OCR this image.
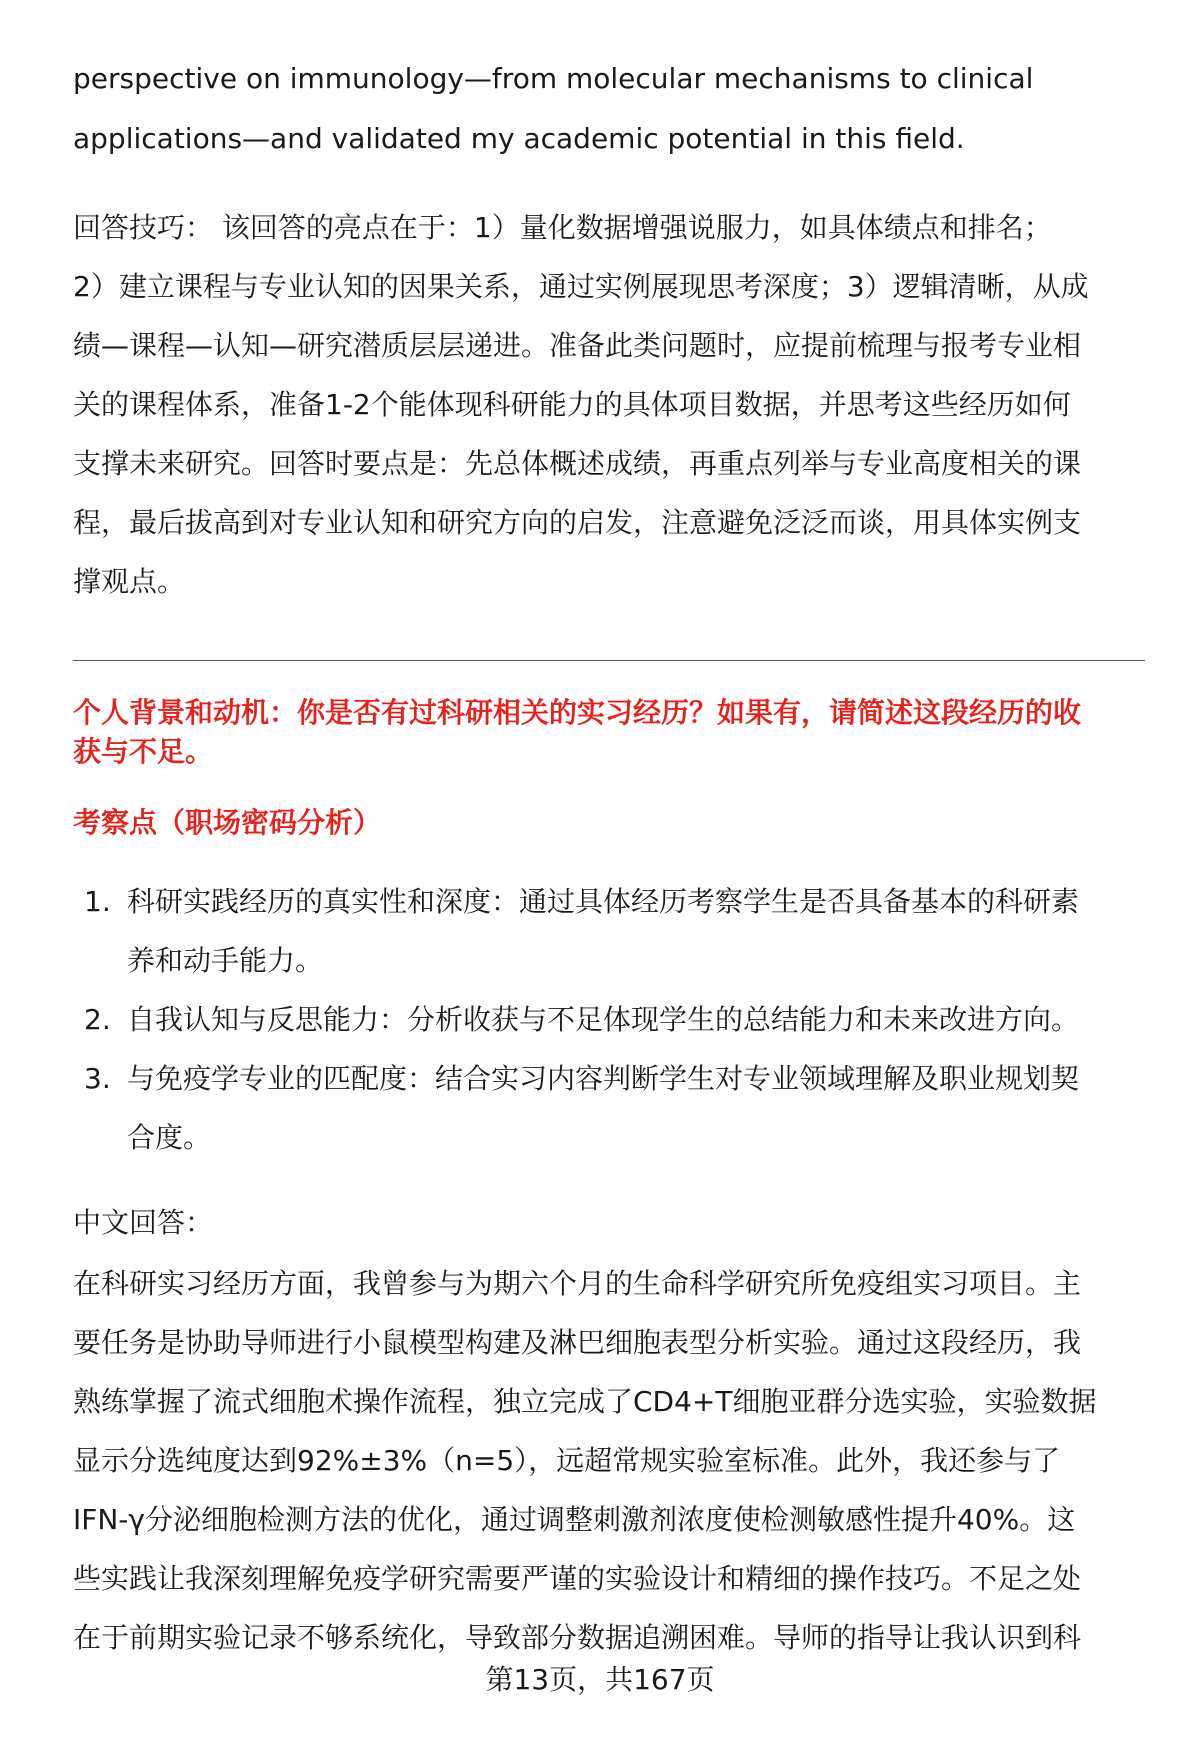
perspective on immunology—from molecular mechanisms to clinical
applications—and validated my academic potential in this field.
回答技巧： 该回答的亮点在于：1）量化数据增强说服力，如具体绩点和排名；
2）建立课程与专业认知的因果关系，通过实例展现思考深度；3）逻辑清晰，从成
绩—课程—认知—研究潜质层层递进。准备此类问题时，应提前梳理与报考专业相
关的课程体系，准备1-2个能体现科研能力的具体项目数据，并思考这些经历如何
支撑未来研究。回答时要点是：先总体概述成绩，再重点列举与专业高度相关的课
程，最后拔高到对专业认知和研究方向的启发，注意避免泛泛而谈，用具体实例支
撑观点。
个人背景和动机：你是否有过科研相关的实习经历？如果有，请简述这段经历的收
获与不足。
考察点（职场密码分析）
1. 科研实践经历的真实性和深度：通过具体经历考察学生是否具备基本的科研素
养和动手能力。
2. 自我认知与反思能力：分析收获与不足体现学生的总结能力和未来改进方向。
3. 与免疫学专业的匹配度：结合实习内容判断学生对专业领域理解及职业规划契
合度。
中文回答：
在科研实习经历方面，我曾参与为期六个月的生命科学研究所免疫组实习项目。主
要任务是协助导师进行小鼠模型构建及淋巴细胞表型分析实验。通过这段经历，我
熟练掌握了流式细胞术操作流程，独立完成了CD4+T细胞亚群分选实验，实验数据
显示分选纯度达到92%±3%（n=5），远超常规实验室标准。此外，我还参与了
IFN-γ分泌细胞检测方法的优化，通过调整刺激剂浓度使检测敏感性提升40%。这
些实践让我深刻理解免疫学研究需要严谨的实验设计和精细的操作技巧。不足之处
在于前期实验记录不够系统化，导致部分数据追溯困难。导师的指导让我认识到科
第13页，共167页
